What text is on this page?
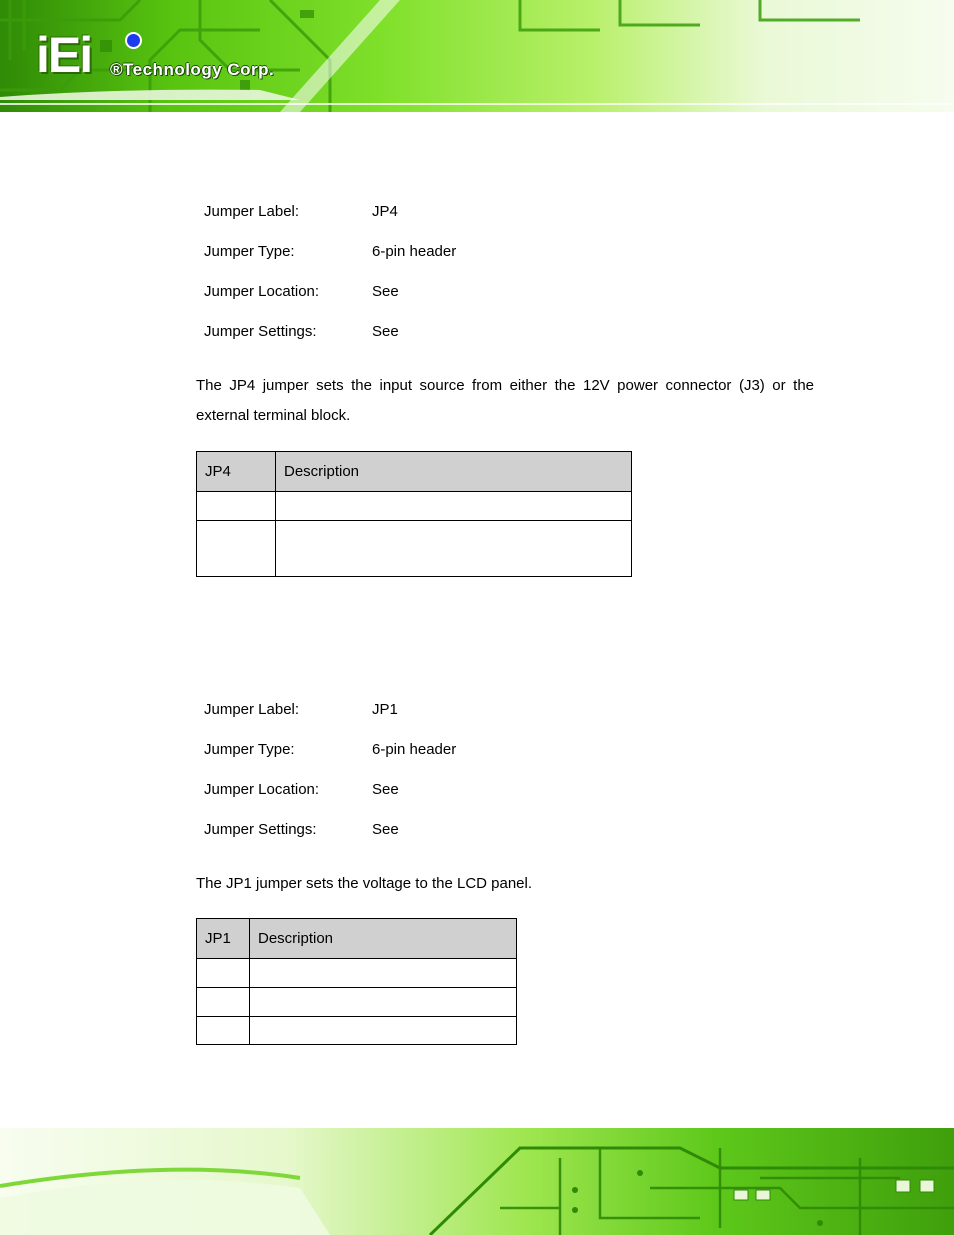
iEi ®Technology Corp.
Jumper Label:	JP4
Jumper Type:	6-pin header
Jumper Location:	See
Jumper Settings:	See

The JP4 jumper sets the input source from either the 12V power connector (J3) or the external terminal block.

JP4	Description

Jumper Label:	JP1
Jumper Type:	6-pin header
Jumper Location:	See
Jumper Settings:	See

The JP1 jumper sets the voltage to the LCD panel.

JP1	Description
